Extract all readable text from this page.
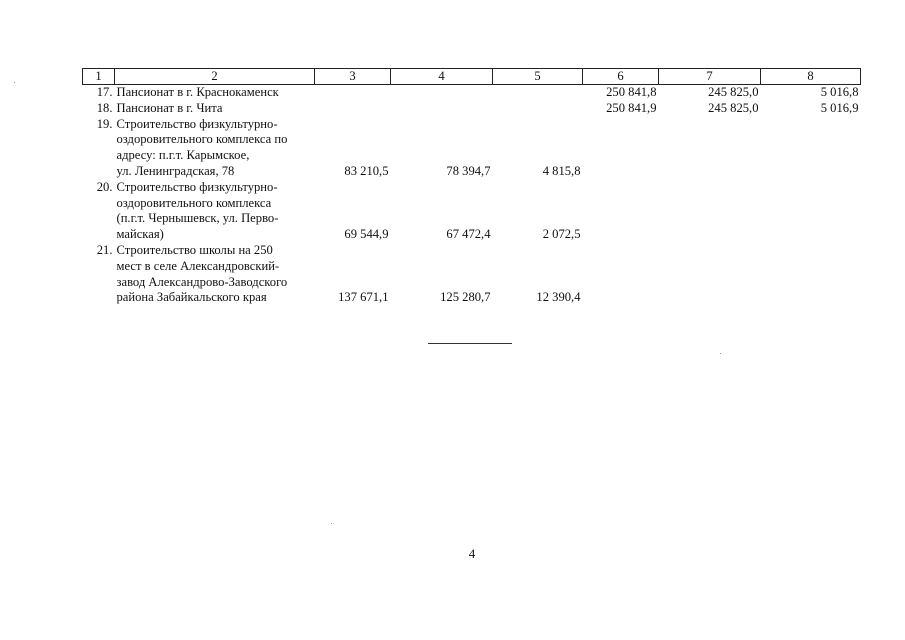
1	2	3	4	5	6	7	8
17.	Пансионат в г. Краснокаменск				250 841,8	245 825,0	5 016,8
18.	Пансионат в г. Чита				250 841,9	245 825,0	5 016,9
19.	Строительство физкультурно-
оздоровительного комплекса по
адресу: п.г.т. Карымское,
ул. Ленинградская, 78	83 210,5	78 394,7	4 815,8			
20.	Строительство физкультурно-
оздоровительного комплекса
(п.г.т. Чернышевск, ул. Перво-
майская)	69 544,9	67 472,4	2 072,5			
21.	Строительство школы на 250
мест в селе Александровский-
завод Александрово-Заводского
района Забайкальского края	137 671,1	125 280,7	12 390,4			
4
